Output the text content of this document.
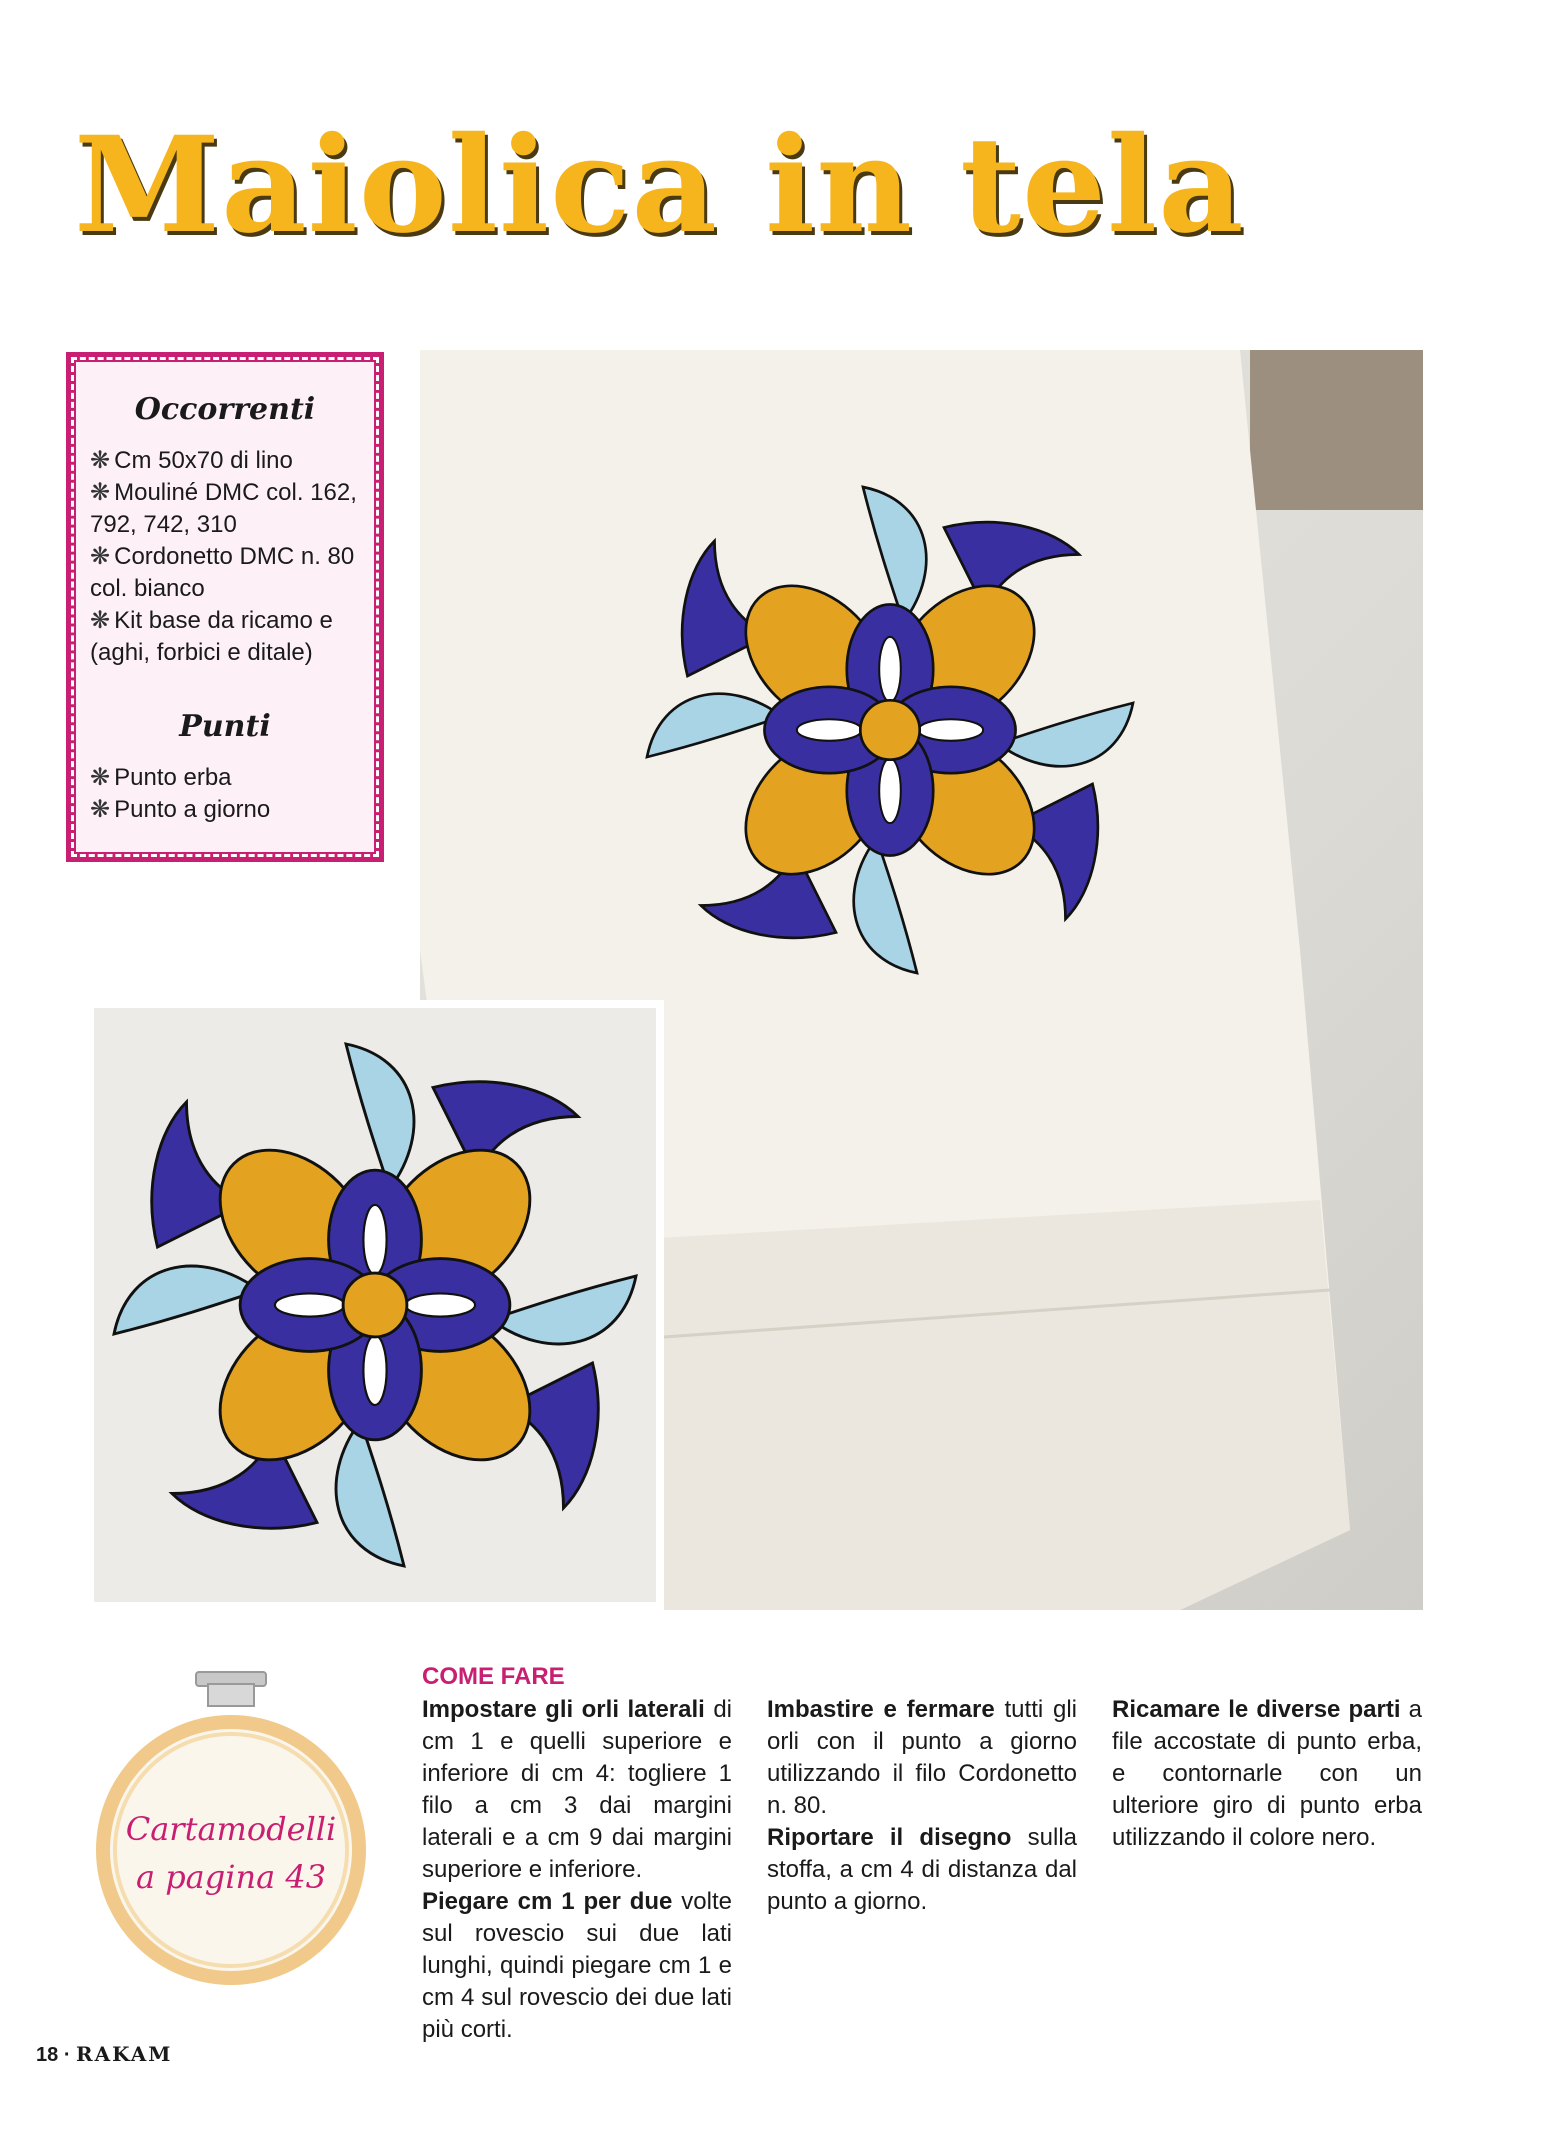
Maiolica in tela
Occorrenti
❋ Cm 50x70 di lino
❋ Mouliné DMC col. 162, 792, 742, 310
❋ Cordonetto DMC n. 80 col. bianco
❋ Kit base da ricamo e (aghi, forbici e ditale)
Punti
❋ Punto erba
❋ Punto a giorno
Cartamodelli
a pagina 43

COME FARE

Impostare gli orli laterali di cm 1 e quelli superiore e inferiore di cm 4: togliere 1 filo a cm 3 dai margini laterali e a cm 9 dai margini superiore e inferiore.

Piegare cm 1 per due volte sul rovescio sui due lati lunghi, quindi piegare cm 1 e cm 4 sul rovescio dei due lati più corti.

Imbastire e fermare tutti gli orli con il punto a giorno utilizzando il filo Cordonetto n. 80.

Riportare il disegno sulla stoffa, a cm 4 di distanza dal punto a giorno.

Ricamare le diverse parti a file accostate di punto erba, e contornarle con un ulteriore giro di punto erba utilizzando il colore nero.

18 · RAKAM
